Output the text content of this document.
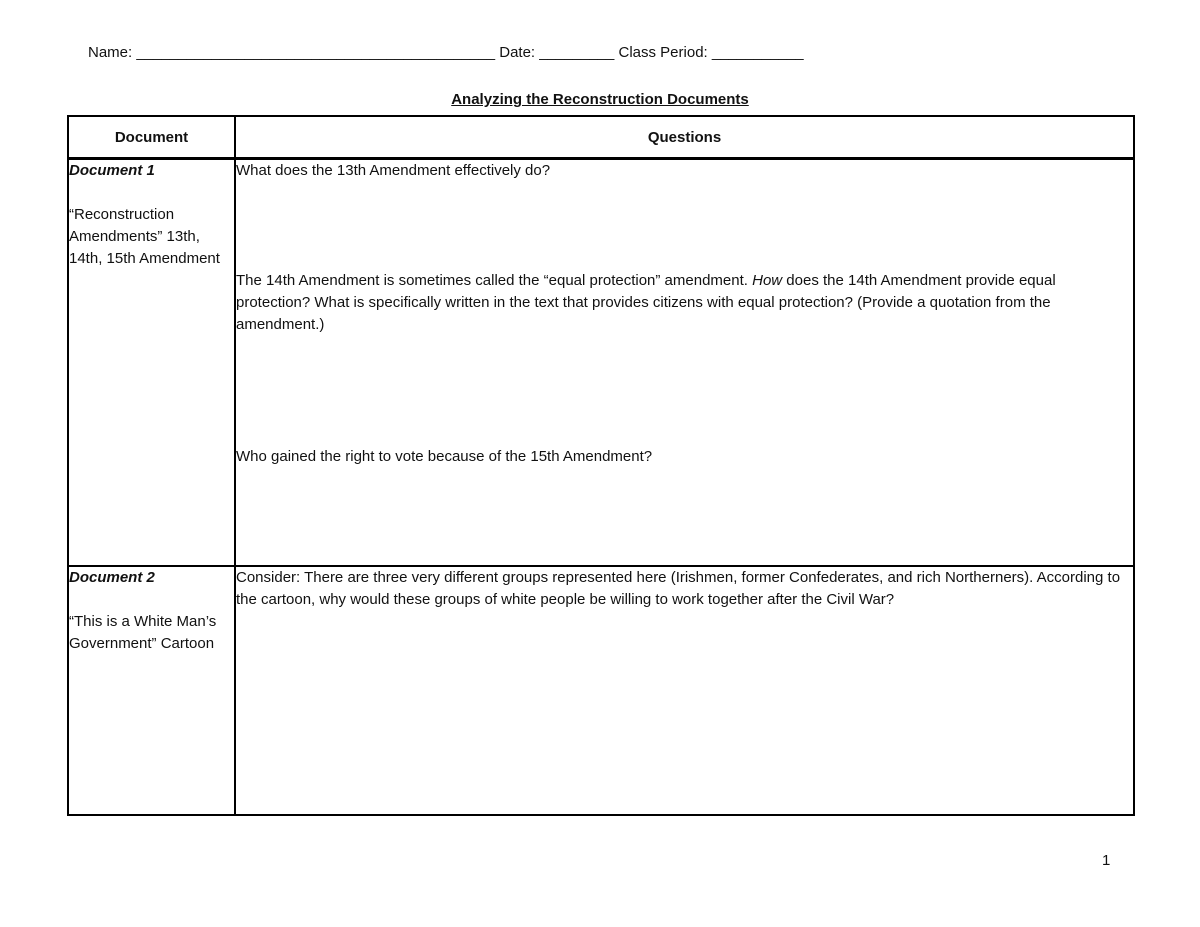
Name: ___________________________________________ Date: _________ Class Period: ___________
Analyzing the Reconstruction Documents
Document	Questions

Document 1
“Reconstruction Amendments” 13th, 14th, 15th Amendment	What does the 13th Amendment effectively do?
The 14th Amendment is sometimes called the “equal protection” amendment. How does the 14th Amendment provide equal protection? What is specifically written in the text that provides citizens with equal protection? (Provide a quotation from the amendment.)
Who gained the right to vote because of the 15th Amendment?

Document 2
“This is a White Man’s Government” Cartoon	Consider: There are three very different groups represented here (Irishmen, former Confederates, and rich Northerners). According to the cartoon, why would these groups of white people be willing to work together after the Civil War?
1
